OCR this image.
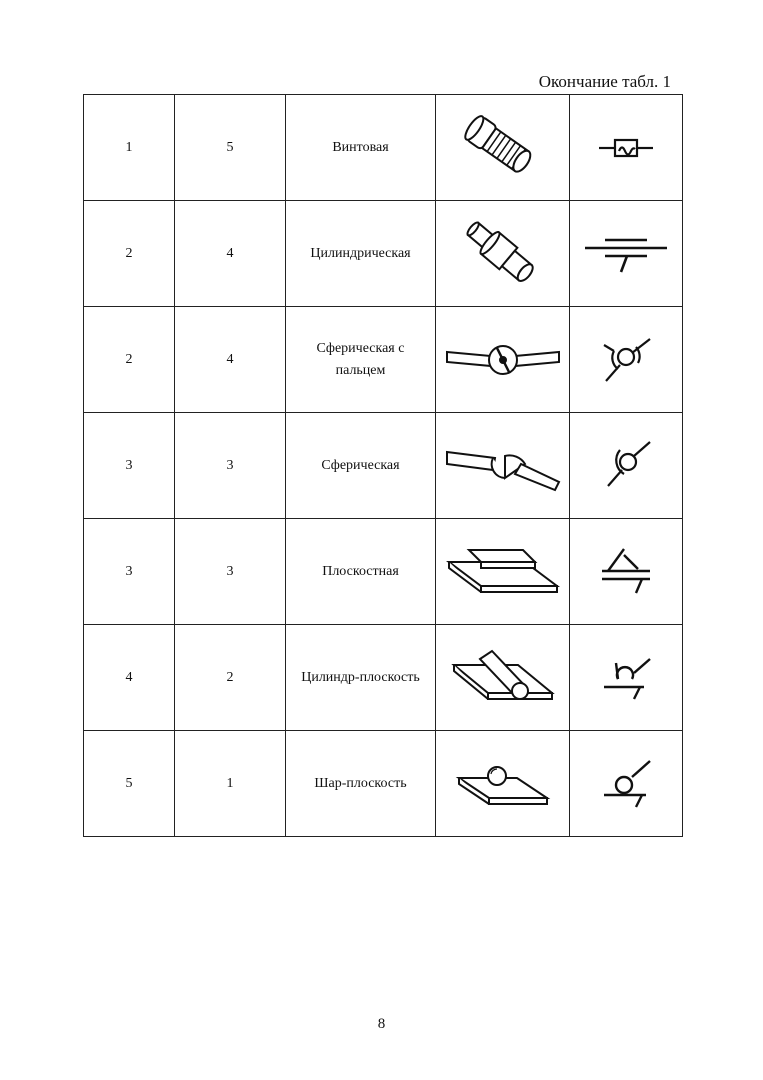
Окончание табл. 1
1	5	Винтовая

2	4	Цилиндрическая

2	4	Сферическая с пальцем

3	3	Сферическая

3	3	Плоскостная

4	2	Цилиндр-плоскость

5	1	Шар-плоскость

8
